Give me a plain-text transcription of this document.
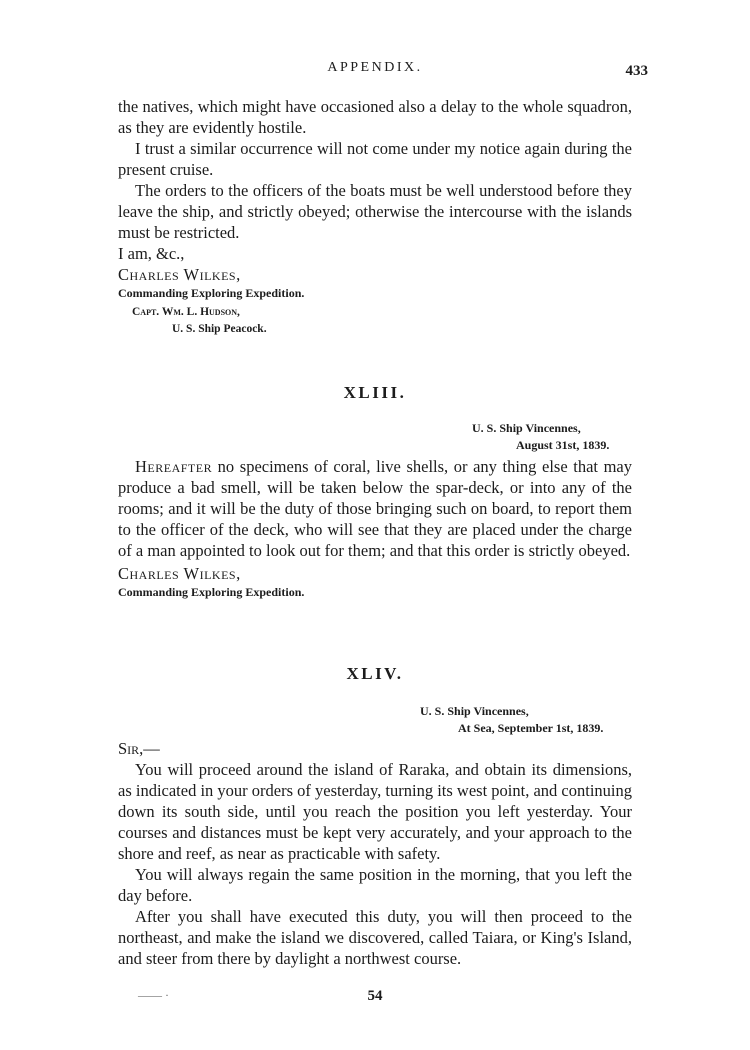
APPENDIX.	433

the natives, which might have occasioned also a delay to the whole squadron, as they are evidently hostile.

I trust a similar occurrence will not come under my notice again during the present cruise.

The orders to the officers of the boats must be well understood before they leave the ship, and strictly obeyed; otherwise the intercourse with the islands must be restricted.

I am, &c.,

Charles Wilkes,

Commanding Exploring Expedition.

Capt. Wm. L. Hudson,
U. S. Ship Peacock.
XLIII.
U. S. Ship Vincennes,
August 31st, 1839.

Hereafter no specimens of coral, live shells, or any thing else that may produce a bad smell, will be taken below the spar-deck, or into any of the rooms; and it will be the duty of those bringing such on board, to report them to the officer of the deck, who will see that they are placed under the charge of a man appointed to look out for them; and that this order is strictly obeyed.

Charles Wilkes,

Commanding Exploring Expedition.

XLIV.
U. S. Ship Vincennes,
At Sea, September 1st, 1839.

Sir,—

You will proceed around the island of Raraka, and obtain its dimensions, as indicated in your orders of yesterday, turning its west point, and continuing down its south side, until you reach the position you left yesterday. Your courses and distances must be kept very accurately, and your approach to the shore and reef, as near as practicable with safety.

You will always regain the same position in the morning, that you left the day before.

After you shall have executed this duty, you will then proceed to the northeast, and make the island we discovered, called Taiara, or King's Island, and steer from there by daylight a northwest course.

—— ·	54
